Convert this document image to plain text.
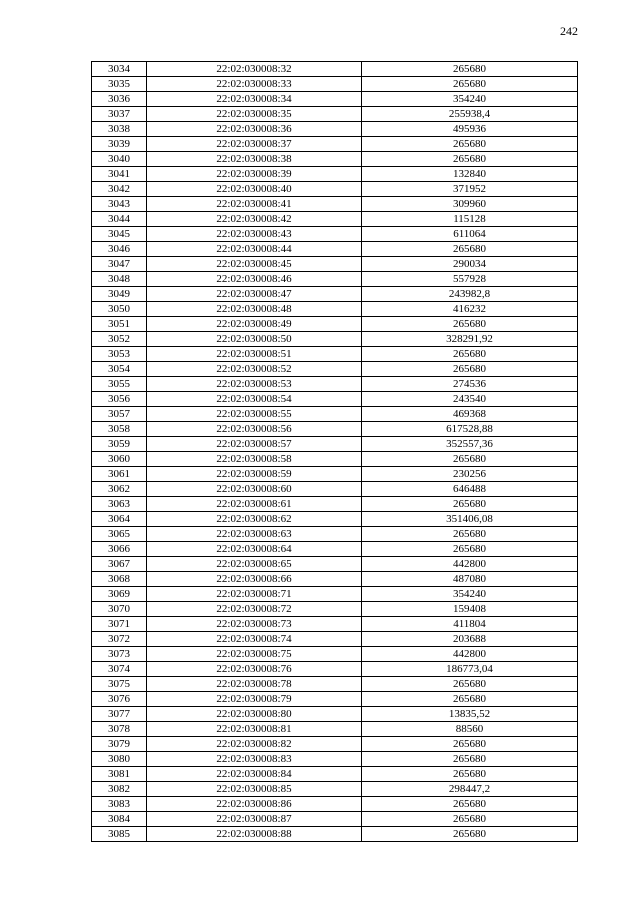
242
3034	22:02:030008:32	265680
3035	22:02:030008:33	265680
3036	22:02:030008:34	354240
3037	22:02:030008:35	255938,4
3038	22:02:030008:36	495936
3039	22:02:030008:37	265680
3040	22:02:030008:38	265680
3041	22:02:030008:39	132840
3042	22:02:030008:40	371952
3043	22:02:030008:41	309960
3044	22:02:030008:42	115128
3045	22:02:030008:43	611064
3046	22:02:030008:44	265680
3047	22:02:030008:45	290034
3048	22:02:030008:46	557928
3049	22:02:030008:47	243982,8
3050	22:02:030008:48	416232
3051	22:02:030008:49	265680
3052	22:02:030008:50	328291,92
3053	22:02:030008:51	265680
3054	22:02:030008:52	265680
3055	22:02:030008:53	274536
3056	22:02:030008:54	243540
3057	22:02:030008:55	469368
3058	22:02:030008:56	617528,88
3059	22:02:030008:57	352557,36
3060	22:02:030008:58	265680
3061	22:02:030008:59	230256
3062	22:02:030008:60	646488
3063	22:02:030008:61	265680
3064	22:02:030008:62	351406,08
3065	22:02:030008:63	265680
3066	22:02:030008:64	265680
3067	22:02:030008:65	442800
3068	22:02:030008:66	487080
3069	22:02:030008:71	354240
3070	22:02:030008:72	159408
3071	22:02:030008:73	411804
3072	22:02:030008:74	203688
3073	22:02:030008:75	442800
3074	22:02:030008:76	186773,04
3075	22:02:030008:78	265680
3076	22:02:030008:79	265680
3077	22:02:030008:80	13835,52
3078	22:02:030008:81	88560
3079	22:02:030008:82	265680
3080	22:02:030008:83	265680
3081	22:02:030008:84	265680
3082	22:02:030008:85	298447,2
3083	22:02:030008:86	265680
3084	22:02:030008:87	265680
3085	22:02:030008:88	265680
